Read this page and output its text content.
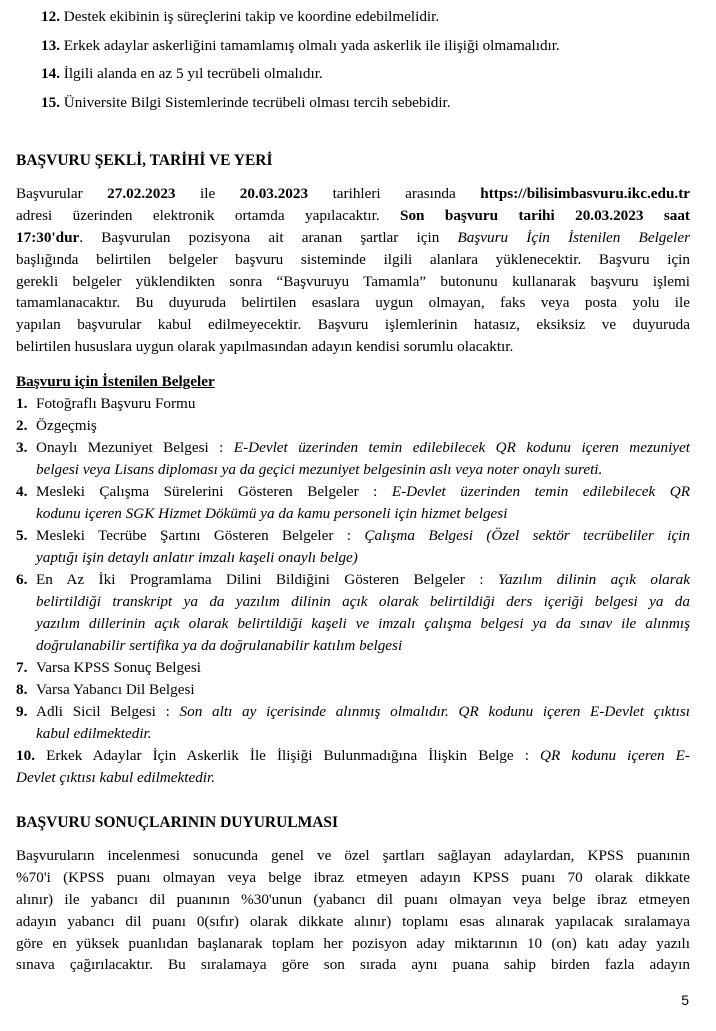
12. Destek ekibinin iş süreçlerini takip ve koordine edebilmelidir.
13. Erkek adaylar askerliğini tamamlamış olmalı yada askerlik ile ilişiği olmamalıdır.
14. İlgili alanda en az 5 yıl tecrübeli olmalıdır.
15. Üniversite Bilgi Sistemlerinde tecrübeli olması tercih sebebidir.
BAŞVURU ŞEKLİ, TARİHİ VE YERİ
Başvurular 27.02.2023 ile 20.03.2023 tarihleri arasında https://bilisimbasvuru.ikc.edu.tr
adresi üzerinden elektronik ortamda yapılacaktır. Son başvuru tarihi 20.03.2023 saat
17:30'dur. Başvurulan pozisyona ait aranan şartlar için Başvuru İçin İstenilen Belgeler
başlığında belirtilen belgeler başvuru sisteminde ilgili alanlara yüklenecektir. Başvuru için
gerekli belgeler yüklendikten sonra “Başvuruyu Tamamla” butonunu kullanarak başvuru işlemi
tamamlanacaktır. Bu duyuruda belirtilen esaslara uygun olmayan, faks veya posta yolu ile
yapılan başvurular kabul edilmeyecektir. Başvuru işlemlerinin hatasız, eksiksiz ve duyuruda
belirtilen hususlara uygun olarak yapılmasından adayın kendisi sorumlu olacaktır.
Başvuru için İstenilen Belgeler
1. Fotoğraflı Başvuru Formu
2. Özgeçmiş
3. Onaylı Mezuniyet Belgesi : E-Devlet üzerinden temin edilebilecek QR kodunu içeren mezuniyet
belgesi veya Lisans diploması ya da geçici mezuniyet belgesinin aslı veya noter onaylı sureti.
4. Mesleki Çalışma Sürelerini Gösteren Belgeler : E-Devlet üzerinden temin edilebilecek QR
kodunu içeren SGK Hizmet Dökümü ya da kamu personeli için hizmet belgesi
5. Mesleki Tecrübe Şartını Gösteren Belgeler : Çalışma Belgesi (Özel sektör tecrübeliler için
yaptığı işin detaylı anlatır imzalı kaşeli onaylı belge)
6. En Az İki Programlama Dilini Bildiğini Gösteren Belgeler : Yazılım dilinin açık olarak
belirtildiği transkript ya da yazılım dilinin açık olarak belirtildiği ders içeriği belgesi ya da
yazılım dillerinin açık olarak belirtildiği kaşeli ve imzalı çalışma belgesi ya da sınav ile alınmış
doğrulanabilir sertifika ya da doğrulanabilir katılım belgesi
7. Varsa KPSS Sonuç Belgesi
8. Varsa Yabancı Dil Belgesi
9. Adli Sicil Belgesi : Son altı ay içerisinde alınmış olmalıdır. QR kodunu içeren E-Devlet çıktısı
kabul edilmektedir.
10. Erkek Adaylar İçin Askerlik İle İlişiği Bulunmadığına İlişkin Belge : QR kodunu içeren E-
Devlet çıktısı kabul edilmektedir.
BAŞVURU SONUÇLARININ DUYURULMASI
Başvuruların incelenmesi sonucunda genel ve özel şartları sağlayan adaylardan, KPSS puanının
%70'i (KPSS puanı olmayan veya belge ibraz etmeyen adayın KPSS puanı 70 olarak dikkate
alınır) ile yabancı dil puanının %30'unun (yabancı dil puanı olmayan veya belge ibraz etmeyen
adayın yabancı dil puanı 0(sıfır) olarak dikkate alınır) toplamı esas alınarak yapılacak sıralamaya
göre en yüksek puanlıdan başlanarak toplam her pozisyon aday miktarının 10 (on) katı aday yazılı
sınava çağırılacaktır. Bu sıralamaya göre son sırada aynı puana sahip birden fazla adayın
5
